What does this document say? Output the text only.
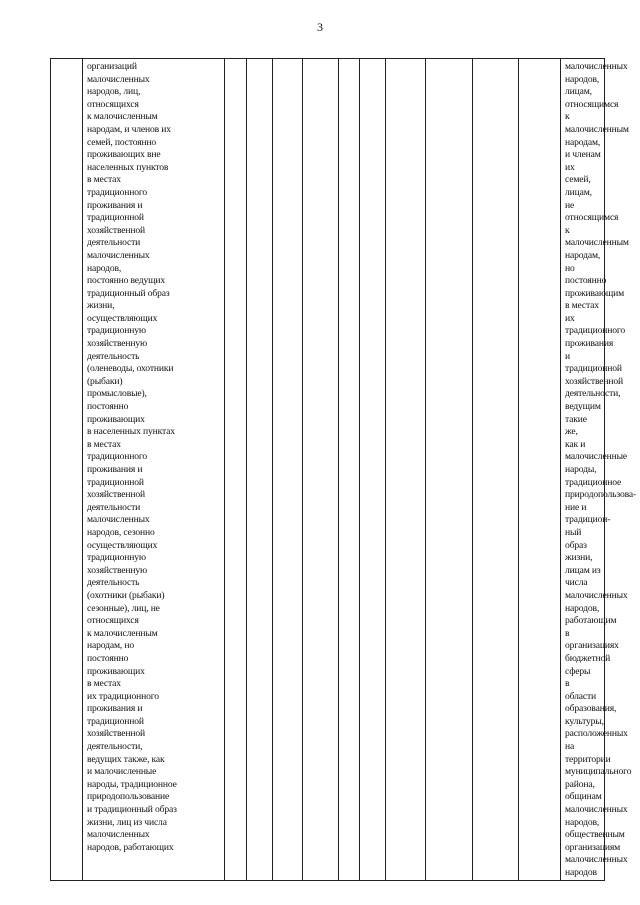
3

организаций
малочисленных
народов, лиц,
относящихся
к малочисленным
народам, и членов их
семей, постоянно
проживающих вне
населенных пунктов
в местах
традиционного
проживания и
традиционной
хозяйственной
деятельности
малочисленных
народов,
постоянно ведущих
традиционный образ
жизни,
осуществляющих
традиционную
хозяйственную
деятельность
(оленеводы, охотники
(рыбаки)
промысловые),
постоянно
проживающих
в населенных пунктах
в местах
традиционного
проживания и
традиционной
хозяйственной
деятельности
малочисленных
народов, сезонно
осуществляющих
традиционную
хозяйственную
деятельность
(охотники (рыбаки)
сезонные), лиц, не
относящихся
к малочисленным
народам, но
постоянно
проживающих
в местах
их традиционного
проживания и
традиционной
хозяйственной
деятельности,
ведущих также, как
и малочисленные
народы, традиционное
природопользование
и традиционный образ
жизни, лиц из числа
малочисленных
народов, работающих

малочисленных
народов, лицам,
относящимся
к малочисленным
народам, и членам
их семей, лицам,
не относящимся
к малочисленным
народам,
но постоянно
проживающим
в местах
их традиционного
проживания
и традиционной
хозяйственной
деятельности,
ведущим такие же,
как и
малочисленные
народы,
традиционное
природопользова-
ние и традицион-
ный образ жизни,
лицам из числа
малочисленных
народов,
работающим
в организациях
бюджетной сферы
в области
образования,
культуры,
расположенных
на территории
муниципального
района, общинам
малочисленных
народов,
общественным
организациям
малочисленных
народов
